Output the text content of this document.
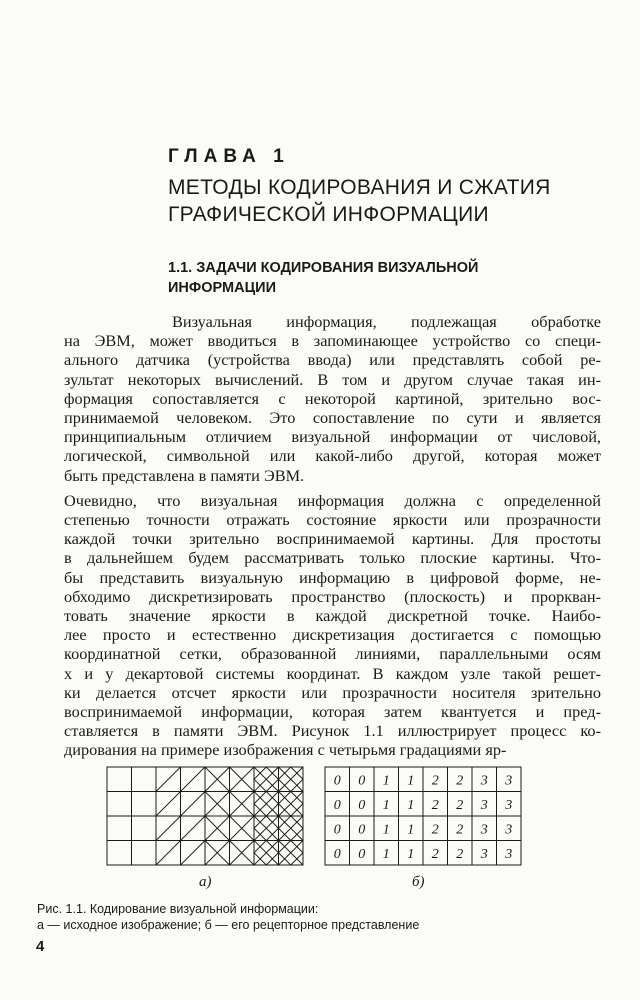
ГЛАВА 1
МЕТОДЫ КОДИРОВАНИЯ И СЖАТИЯ
ГРАФИЧЕСКОЙ ИНФОРМАЦИИ
1.1. ЗАДАЧИ КОДИРОВАНИЯ ВИЗУАЛЬНОЙ
ИНФОРМАЦИИ
Визуальная информация, подлежащая обработке
на ЭВМ, может вводиться в запоминающее устройство со специ-
ального датчика (устройства ввода) или представлять собой ре-
зультат некоторых вычислений. В том и другом случае такая ин-
формация сопоставляется с некоторой картиной, зрительно вос-
принимаемой человеком. Это сопоставление по сути и является
принципиальным отличием визуальной информации от числовой,
логической, символьной или какой-либо другой, которая может
быть представлена в памяти ЭВМ.
Очевидно, что визуальная информация должна с определенной
степенью точности отражать состояние яркости или прозрачности
каждой точки зрительно воспринимаемой картины. Для простоты
в дальнейшем будем рассматривать только плоские картины. Что-
бы представить визуальную информацию в цифровой форме, не-
обходимо дискретизировать пространство (плоскость) и проркван-
товать значение яркости в каждой дискретной точке. Наибо-
лее просто и естественно дискретизация достигается с помощью
координатной сетки, образованной линиями, параллельными осям
x и y декартовой системы координат. В каждом узле такой решет-
ки делается отсчет яркости или прозрачности носителя зрительно
воспринимаемой информации, которая затем квантуется и пред-
ставляется в памяти ЭВМ. Рисунок 1.1 иллюстрирует процесс ко-
дирования на примере изображения с четырьмя градациями яр-
0 0 1 1 2 2 3 3
0 0 1 1 2 2 3 3
0 0 1 1 2 2 3 3
0 0 1 1 2 2 3 3
а)	б)
Рис. 1.1. Кодирование визуальной информации:
а — исходное изображение; б — его рецепторное представление
4
